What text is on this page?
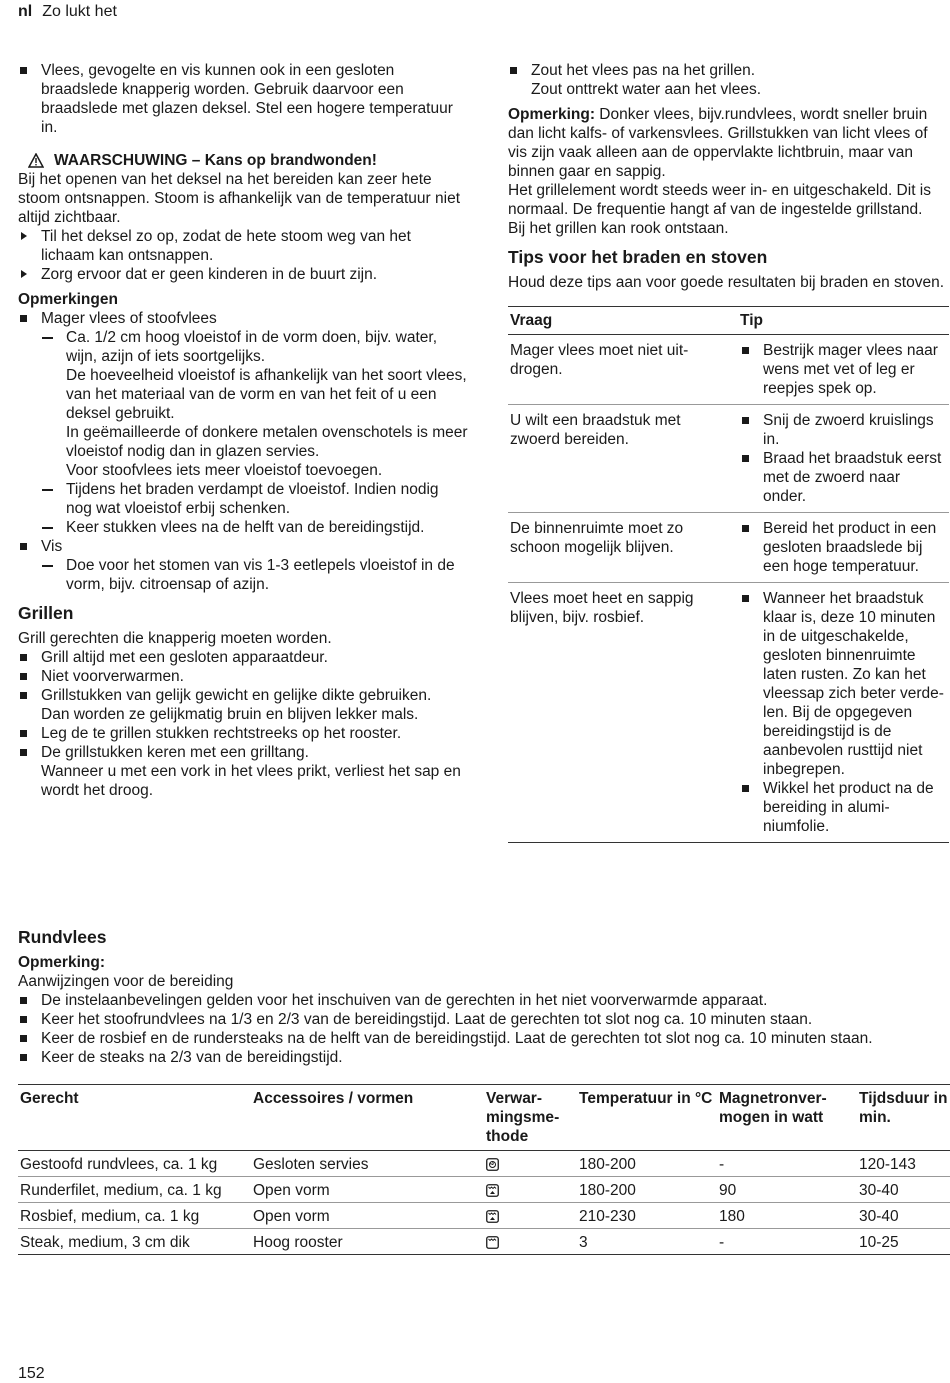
nl Zo lukt het

Vlees, gevogelte en vis kunnen ook in een gesloten braadslede knapperig worden. Gebruik daarvoor een braadslede met glazen deksel. Stel een hogere temperatuur in.

WAARSCHUWING – Kans op brandwonden!

Bij het openen van het deksel na het bereiden kan zeer hete stoom ontsnappen. Stoom is afhankelijk van de temperatuur niet altijd zichtbaar.

Til het deksel zo op, zodat de hete stoom weg van het lichaam kan ontsnappen.

Zorg ervoor dat er geen kinderen in de buurt zijn.

Opmerkingen

Mager vlees of stoofvlees

Ca. 1/2 cm hoog vloeistof in de vorm doen, bijv. water, wijn, azijn of iets soortgelijks.

De hoeveelheid vloeistof is afhankelijk van het soort vlees, van het materiaal van de vorm en van het feit of u een deksel gebruikt.

In geëmailleerde of donkere metalen ovenschotels is meer vloeistof nodig dan in glazen servies.

Voor stoofvlees iets meer vloeistof toevoegen.

Tijdens het braden verdampt de vloeistof. Indien nodig nog wat vloeistof erbij schenken.

Keer stukken vlees na de helft van de bereidingstijd.

Vis

Doe voor het stomen van vis 1-3 eetlepels vloeistof in de vorm, bijv. citroensap of azijn.

Grillen

Grill gerechten die knapperig moeten worden.

Grill altijd met een gesloten apparaatdeur.

Niet voorverwarmen.

Grillstukken van gelijk gewicht en gelijke dikte gebruiken.

Dan worden ze gelijkmatig bruin en blijven lekker mals.

Leg de te grillen stukken rechtstreeks op het rooster.

De grillstukken keren met een grilltang.

Wanneer u met een vork in het vlees prikt, verliest het sap en wordt het droog.

Zout het vlees pas na het grillen.

Zout onttrekt water aan het vlees.

Opmerking: Donker vlees, bijv.rundvlees, wordt sneller bruin dan licht kalfs- of varkensvlees. Grillstukken van licht vlees of vis zijn vaak alleen aan de oppervlakte lichtbruin, maar van binnen gaar en sappig.

Het grillelement wordt steeds weer in- en uitgeschakeld. Dit is normaal. De frequentie hangt af van de ingestelde grillstand.

Bij het grillen kan rook ontstaan.

Tips voor het braden en stoven

Houd deze tips aan voor goede resultaten bij braden en stoven.

Vraag	Tip
Mager vlees moet niet uitdrogen.	Bestrijk mager vlees naar wens met vet of leg er reepjes spek op.

U wilt een braadstuk met zwoerd bereiden.	Snij de zwoerd kruislings in.

Braad het braadstuk eerst met de zwoerd naar onder.

De binnenruimte moet zo schoon mogelijk blijven.	Bereid het product in een gesloten braadslede bij een hoge temperatuur.

Vlees moet heet en sappig blijven, bijv. rosbief.	Wanneer het braadstuk klaar is, deze 10 minuten in de uitgeschakelde, gesloten binnenruimte laten rusten. Zo kan het vleessap zich beter verdelen. Bij de opgegeven bereidingstijd is de aanbevolen rusttijd niet inbegrepen.

Wikkel het product na de bereiding in aluminiumfolie.

Rundvlees

Opmerking:

Aanwijzingen voor de bereiding

De instelaanbevelingen gelden voor het inschuiven van de gerechten in het niet voorverwarmde apparaat.

Keer het stoofrundvlees na 1/3 en 2/3 van de bereidingstijd. Laat de gerechten tot slot nog ca. 10 minuten staan.

Keer de rosbief en de rundersteaks na de helft van de bereidingstijd. Laat de gerechten tot slot nog ca. 10 minuten staan.

Keer de steaks na 2/3 van de bereidingstijd.

Gerecht	Accessoires / vormen	Verwarmingsmethode	Temperatuur in °C	Magnetronvermogen in watt	Tijdsduur in min.
Gestoofd rundvlees, ca. 1 kg	Gesloten servies		180-200	-	120-143
Runderfilet, medium, ca. 1 kg	Open vorm		180-200	90	30-40
Rosbief, medium, ca. 1 kg	Open vorm		210-230	180	30-40
Steak, medium, 3 cm dik	Hoog rooster		3	-	10-25
152
